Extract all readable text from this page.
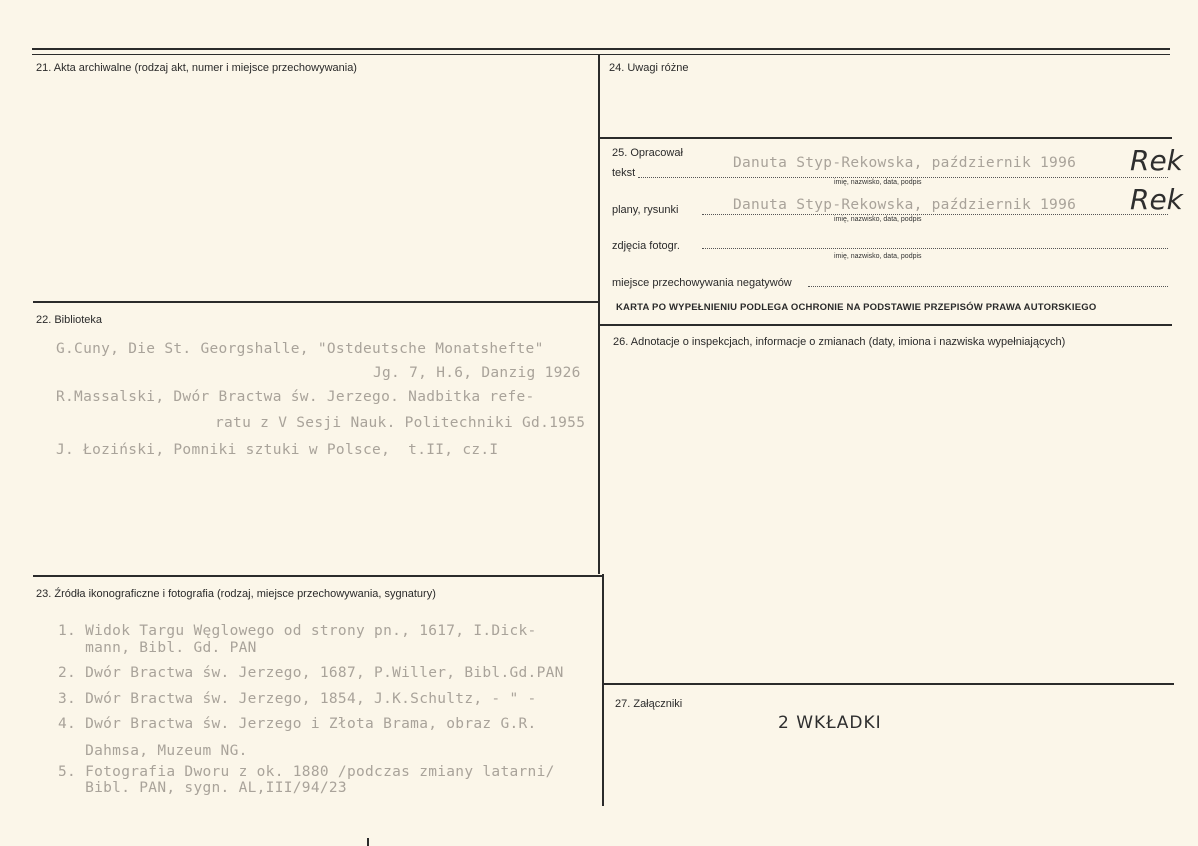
21. Akta archiwalne (rodzaj akt, numer i miejsce przechowywania)	24. Uwagi różne
25. Opracował
tekst
Danuta Styp-Rekowska, październik 1996 Rek
imię, nazwisko, data, podpis
plany, rysunki	Danuta Styp-Rekowska, październik 1996 Rek
imię, nazwisko, data, podpis
zdjęcia fotogr.
imię, nazwisko, data, podpis
miejsce przechowywania negatywów
KARTA PO WYPEŁNIENIU PODLEGA OCHRONIE NA PODSTAWIE PRZEPISÓW PRAWA AUTORSKIEGO
22. Biblioteka
G.Cuny, Die St. Georgshalle, "Ostdeutsche Monatshefte"
Jg. 7, H.6, Danzig 1926
R.Massalski, Dwór Bractwa św. Jerzego. Nadbitka refe-
ratu z V Sesji Nauk. Politechniki Gd.1955
J. Łoziński, Pomniki sztuki w Polsce,  t.II, cz.I
26. Adnotacje o inspekcjach, informacje o zmianach (daty, imiona i nazwiska wypełniających)
23. Źródła ikonograficzne i fotografia (rodzaj, miejsce przechowywania, sygnatury)
1. Widok Targu Węglowego od strony pn., 1617, I.Dick-
mann, Bibl. Gd. PAN
2. Dwór Bractwa św. Jerzego, 1687, P.Willer, Bibl.Gd.PAN
3. Dwór Bractwa św. Jerzego, 1854, J.K.Schultz, - " -
4. Dwór Bractwa św. Jerzego i Złota Brama, obraz G.R.
Dahmsa, Muzeum NG.
5. Fotografia Dworu z ok. 1880 /podczas zmiany latarni/
Bibl. PAN, sygn. AL,III/94/23
27. Załączniki
2 WKŁADKI
